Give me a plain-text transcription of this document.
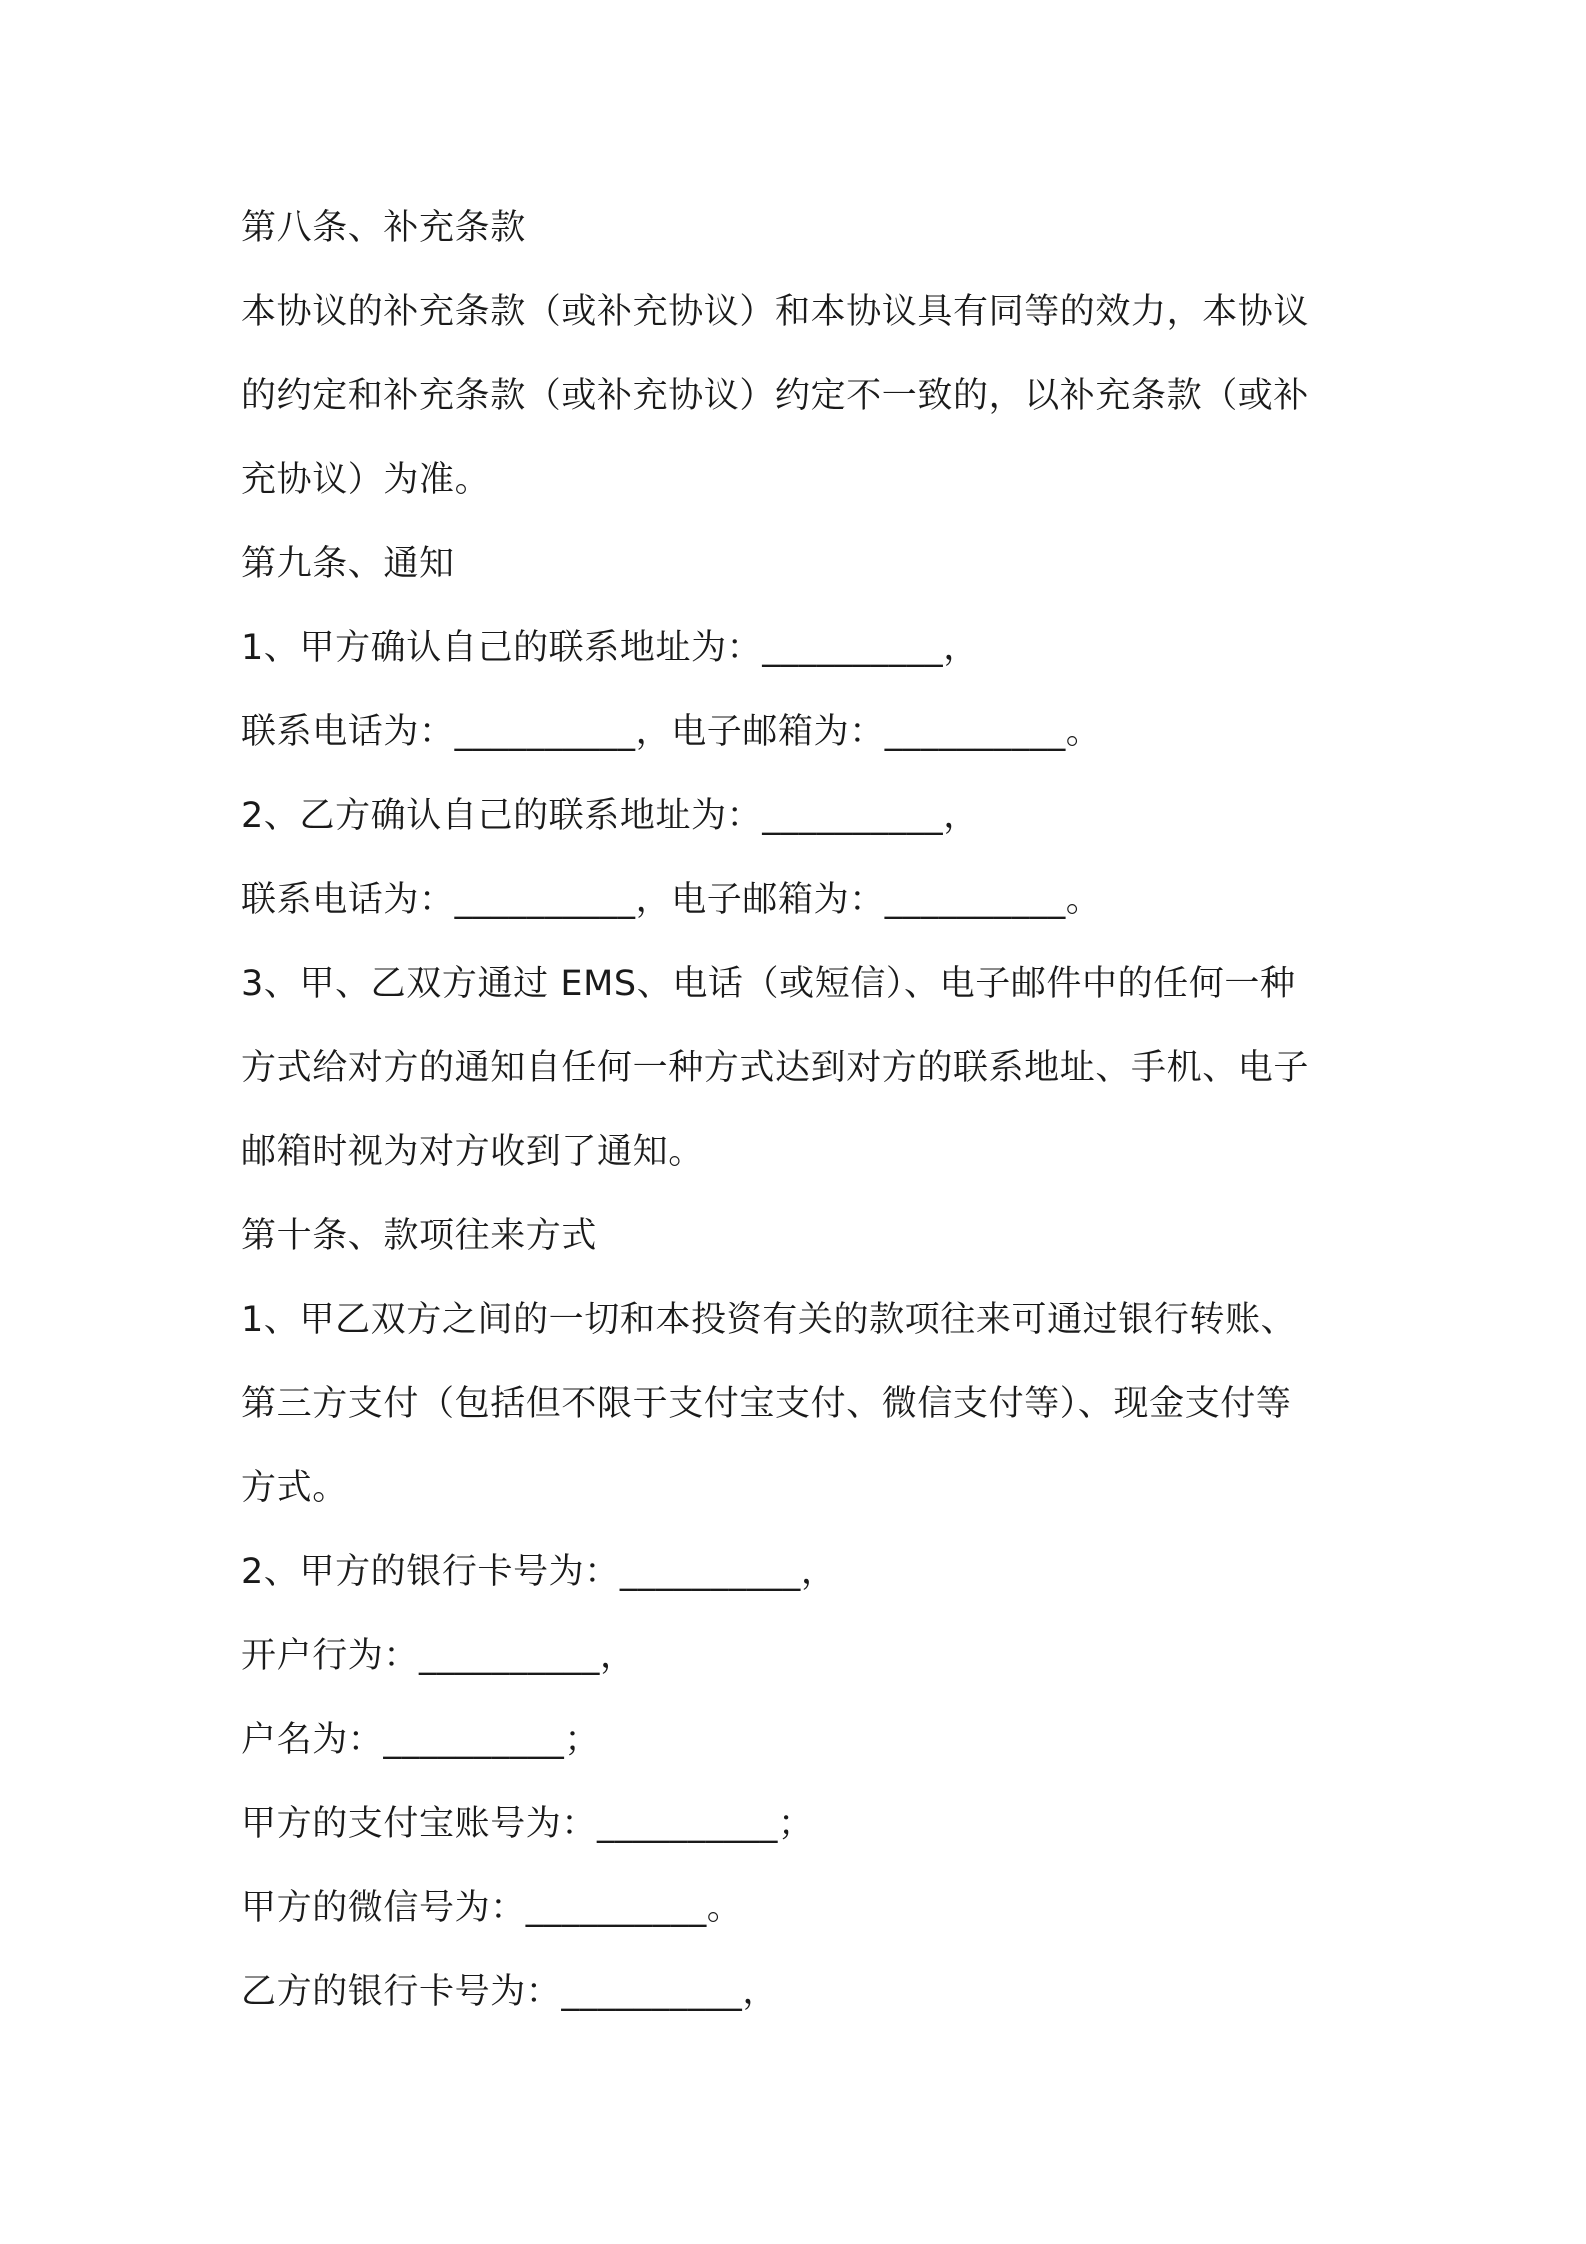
第八条、补充条款
本协议的补充条款（或补充协议）和本协议具有同等的效力，本协议
的约定和补充条款（或补充协议）约定不一致的，以补充条款（或补
充协议）为准。
第九条、通知
1、甲方确认自己的联系地址为：__________，
联系电话为：__________，电子邮箱为：__________。
2、乙方确认自己的联系地址为：__________，
联系电话为：__________，电子邮箱为：__________。
3、甲、乙双方通过 EMS、电话（或短信）、电子邮件中的任何一种
方式给对方的通知自任何一种方式达到对方的联系地址、手机、电子
邮箱时视为对方收到了通知。
第十条、款项往来方式
1、甲乙双方之间的一切和本投资有关的款项往来可通过银行转账、
第三方支付（包括但不限于支付宝支付、微信支付等）、现金支付等
方式。
2、甲方的银行卡号为：__________，
开户行为：__________，
户名为：__________；
甲方的支付宝账号为：__________；
甲方的微信号为：__________。
乙方的银行卡号为：__________，
